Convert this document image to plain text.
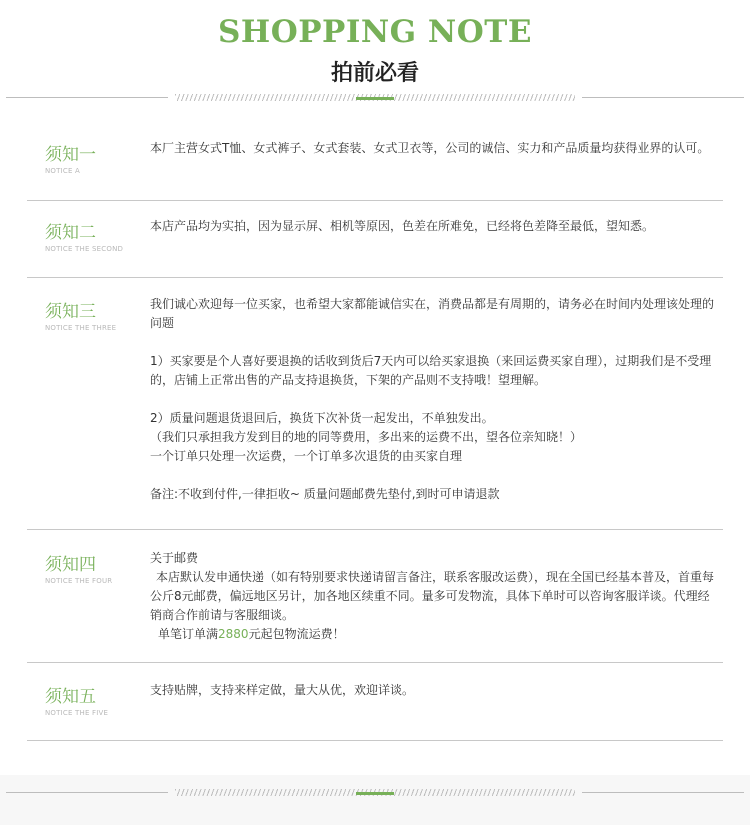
SHOPPING NOTE
拍前必看
须知一
NOTICE A

本厂主营女式T恤、女式裤子、女式套装、女式卫衣等，公司的诚信、实力和产品质量均获得业界的认可。

须知二
NOTICE THE SECOND

本店产品均为实拍，因为显示屏、相机等原因，色差在所难免，已经将色差降至最低，望知悉。

须知三
NOTICE THE THREE

我们诚心欢迎每一位买家，也希望大家都能诚信实在，消费品都是有周期的，请务必在时间内处理该处理的问题

1）买家要是个人喜好要退换的话收到货后7天内可以给买家退换（来回运费买家自理），过期我们是不受理的，店铺上正常出售的产品支持退换货，下架的产品则不支持哦！望理解。

2）质量问题退货退回后，换货下次补货一起发出，不单独发出。

（我们只承担我方发到目的地的同等费用，多出来的运费不出，望各位亲知晓！）

一个订单只处理一次运费，一个订单多次退货的由买家自理

备注:不收到付件,一律拒收~ 质量问题邮费先垫付,到时可申请退款

须知四
NOTICE THE FOUR

关于邮费

本店默认发申通快递（如有特别要求快递请留言备注，联系客服改运费），现在全国已经基本普及，首重每公斤8元邮费，偏远地区另计，加各地区续重不同。量多可发物流，具体下单时可以咨询客服详谈。代理经销商合作前请与客服细谈。

单笔订单满2880元起包物流运费！

须知五
NOTICE THE FIVE

支持贴牌，支持来样定做，量大从优，欢迎详谈。
